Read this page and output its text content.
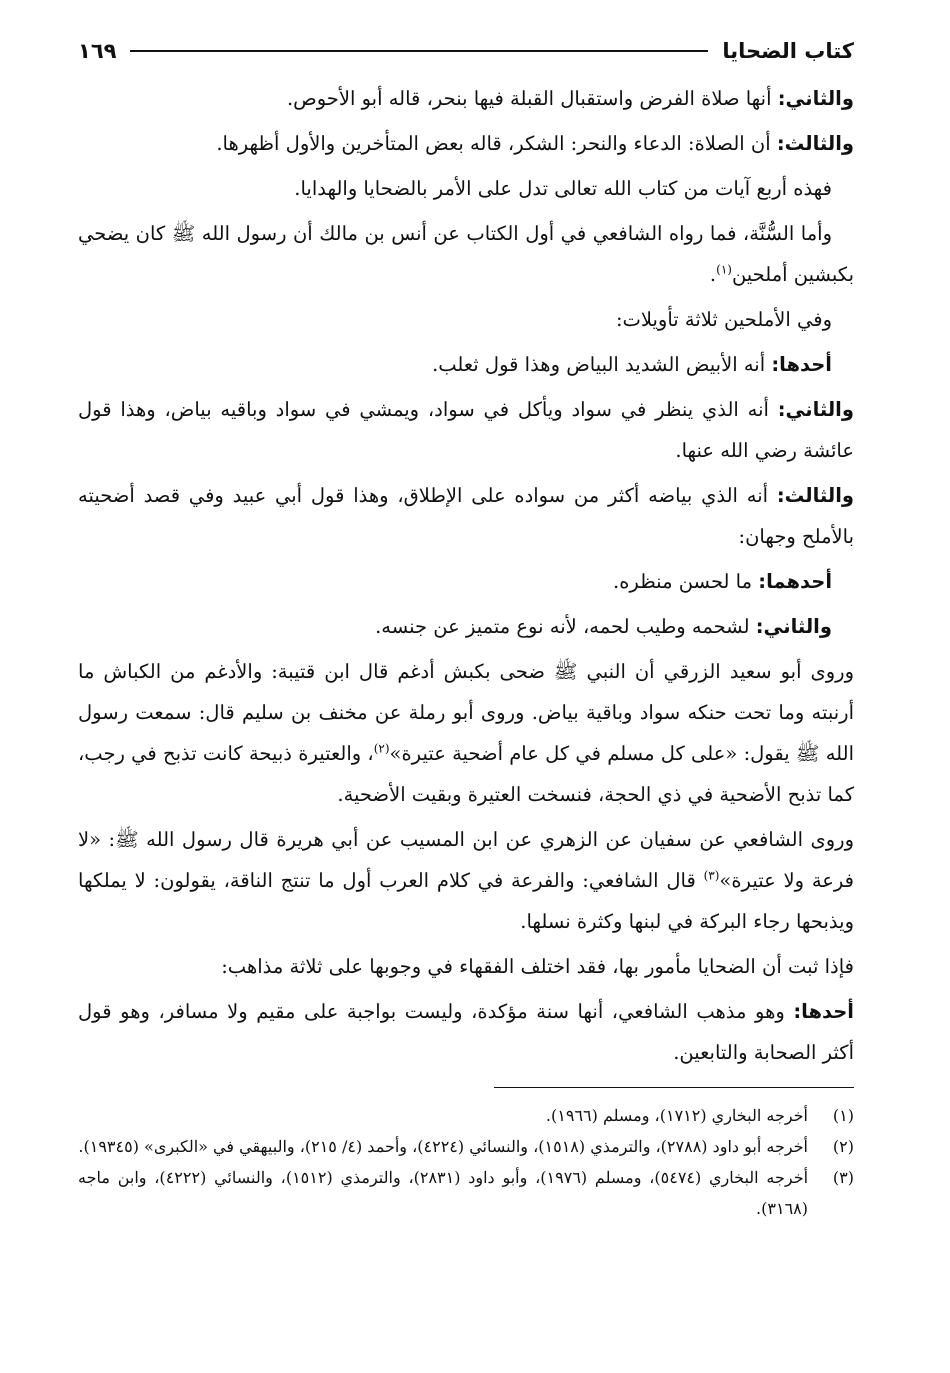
كتاب الضحايا
١٦٩

والثاني: أنها صلاة الفرض واستقبال القبلة فيها بنحر، قاله أبو الأحوص.

والثالث: أن الصلاة: الدعاء والنحر: الشكر، قاله بعض المتأخرين والأول أظهرها.

فهذه أربع آيات من كتاب الله تعالى تدل على الأمر بالضحايا والهدايا.

وأما السُّنَّة، فما رواه الشافعي في أول الكتاب عن أنس بن مالك أن رسول الله ﷺ كان يضحي بكبشين أملحين$^{(١)}$.

وفي الأملحين ثلاثة تأويلات:

أحدها: أنه الأبيض الشديد البياض وهذا قول ثعلب.

والثاني: أنه الذي ينظر في سواد ويأكل في سواد، ويمشي في سواد وباقيه بياض، وهذا قول عائشة رضي الله عنها.

والثالث: أنه الذي بياضه أكثر من سواده على الإطلاق، وهذا قول أبي عبيد وفي قصد أضحيته بالأملح وجهان:

أحدهما: ما لحسن منظره.

والثاني: لشحمه وطيب لحمه، لأنه نوع متميز عن جنسه.

وروى أبو سعيد الزرقي أن النبي ﷺ ضحى بكبش أدغم قال ابن قتيبة: والأدغم من الكباش ما أرنبته وما تحت حنكه سواد وباقية بياض. وروى أبو رملة عن مخنف بن سليم قال: سمعت رسول الله ﷺ يقول: «على كل مسلم في كل عام أضحية عتيرة»$^{(٢)}$، والعتيرة ذبيحة كانت تذبح في رجب، كما تذبح الأضحية في ذي الحجة، فنسخت العتيرة وبقيت الأضحية.

وروى الشافعي عن سفيان عن الزهري عن ابن المسيب عن أبي هريرة قال رسول الله ﷺ: «لا فرعة ولا عتيرة»$^{(٣)}$ قال الشافعي: والفرعة في كلام العرب أول ما تنتج الناقة، يقولون: لا يملكها ويذبحها رجاء البركة في لبنها وكثرة نسلها.

فإذا ثبت أن الضحايا مأمور بها، فقد اختلف الفقهاء في وجوبها على ثلاثة مذاهب:

أحدها: وهو مذهب الشافعي، أنها سنة مؤكدة، وليست بواجبة على مقيم ولا مسافر، وهو قول أكثر الصحابة والتابعين.

(١)
أخرجه البخاري (١٧١٢)، ومسلم (١٩٦٦).
(٢)
أخرجه أبو داود (٢٧٨٨)، والترمذي (١٥١٨)، والنسائي (٤٢٢٤)، وأحمد (٤/ ٢١٥)، والبيهقي في «الكبرى» (١٩٣٤٥).
(٣)
أخرجه البخاري (٥٤٧٤)، ومسلم (١٩٧٦)، وأبو داود (٢٨٣١)، والترمذي (١٥١٢)، والنسائي (٤٢٢٢)، وابن ماجه (٣١٦٨).
